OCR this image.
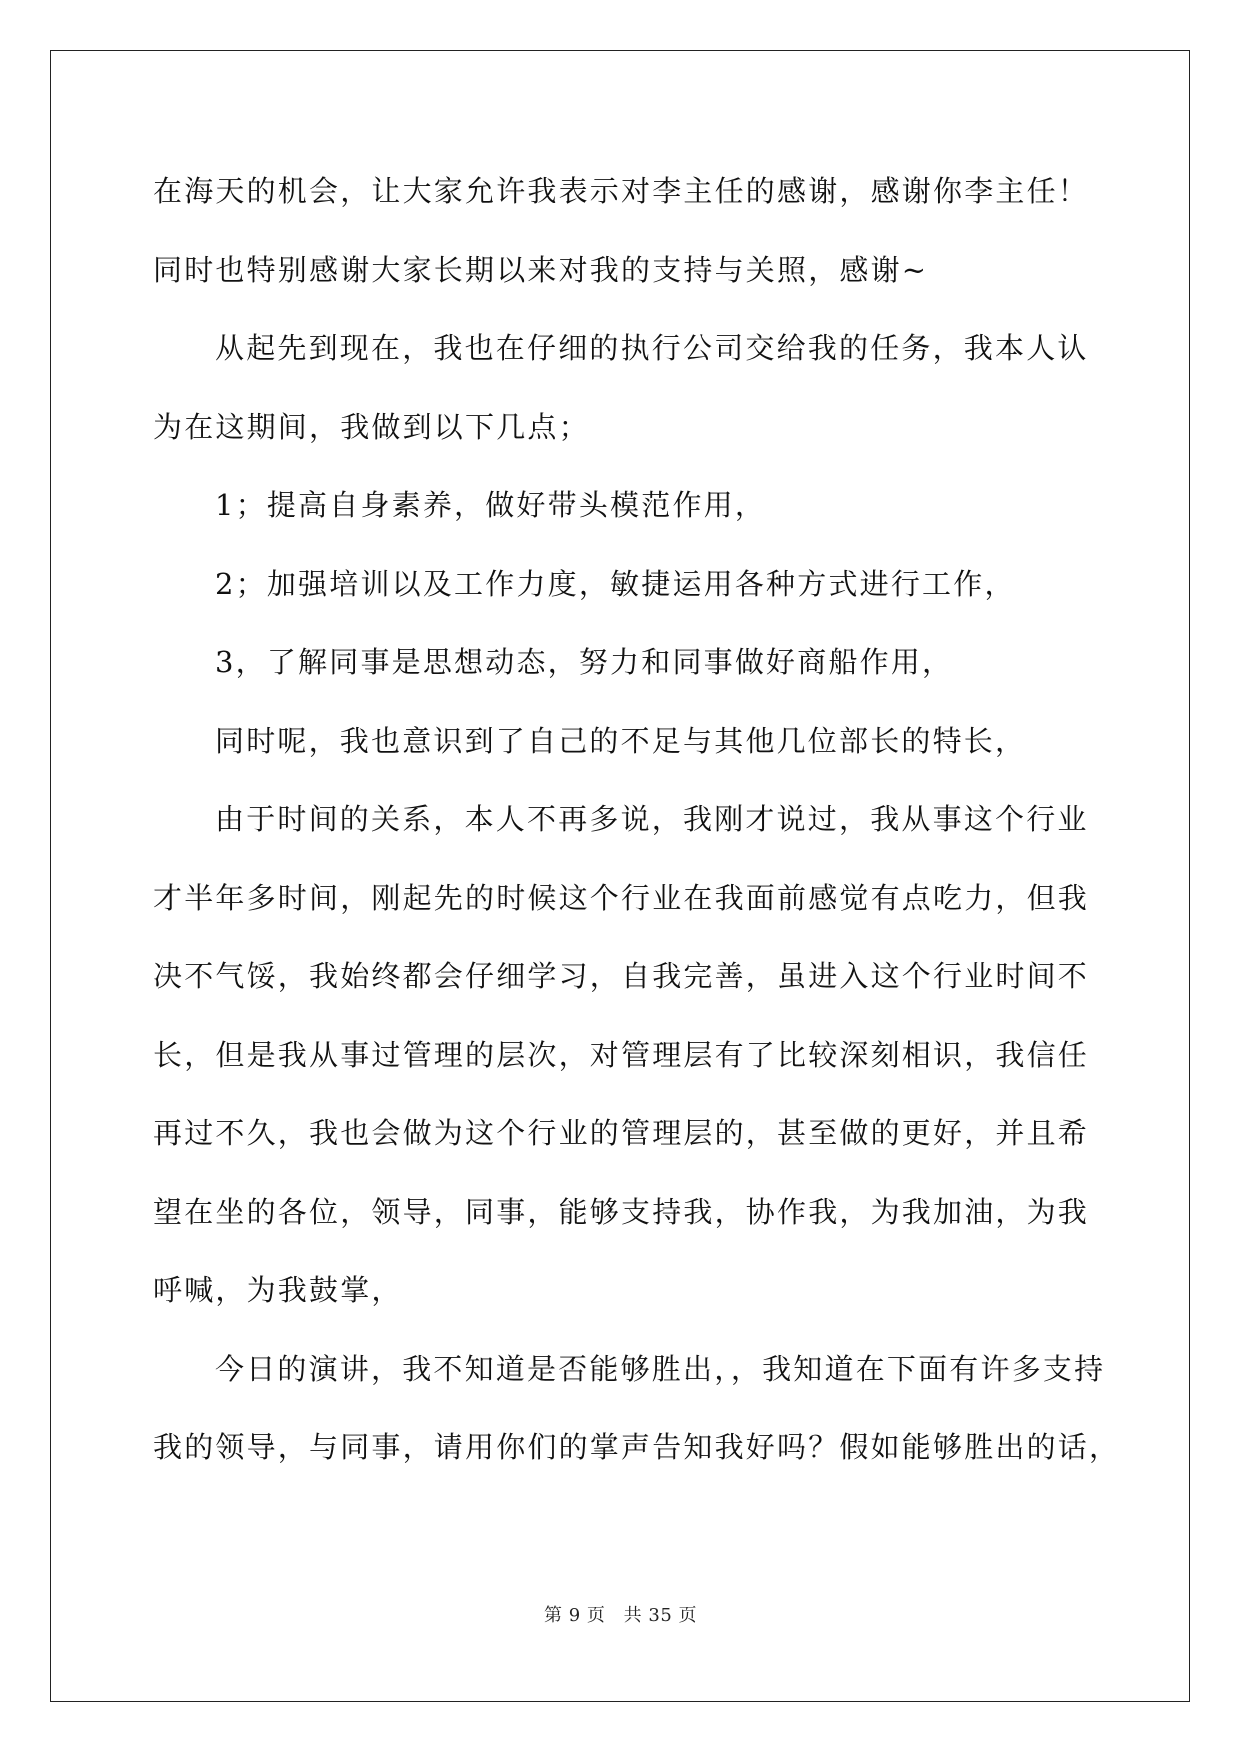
在海天的机会，让大家允许我表示对李主任的感谢，感谢你李主任！
同时也特别感谢大家长期以来对我的支持与关照，感谢~
从起先到现在，我也在仔细的执行公司交给我的任务，我本人认
为在这期间，我做到以下几点；
1；提高自身素养，做好带头模范作用，
2；加强培训以及工作力度，敏捷运用各种方式进行工作，
3，了解同事是思想动态，努力和同事做好商船作用，
同时呢，我也意识到了自己的不足与其他几位部长的特长，
由于时间的关系，本人不再多说，我刚才说过，我从事这个行业
才半年多时间，刚起先的时候这个行业在我面前感觉有点吃力，但我
决不气馁，我始终都会仔细学习，自我完善，虽进入这个行业时间不
长，但是我从事过管理的层次，对管理层有了比较深刻相识，我信任
再过不久，我也会做为这个行业的管理层的，甚至做的更好，并且希
望在坐的各位，领导，同事，能够支持我，协作我，为我加油，为我
呼喊，为我鼓掌，
今日的演讲，我不知道是否能够胜出，，我知道在下面有许多支持
我的领导，与同事，请用你们的掌声告知我好吗？假如能够胜出的话，
第 9 页 共 35 页
